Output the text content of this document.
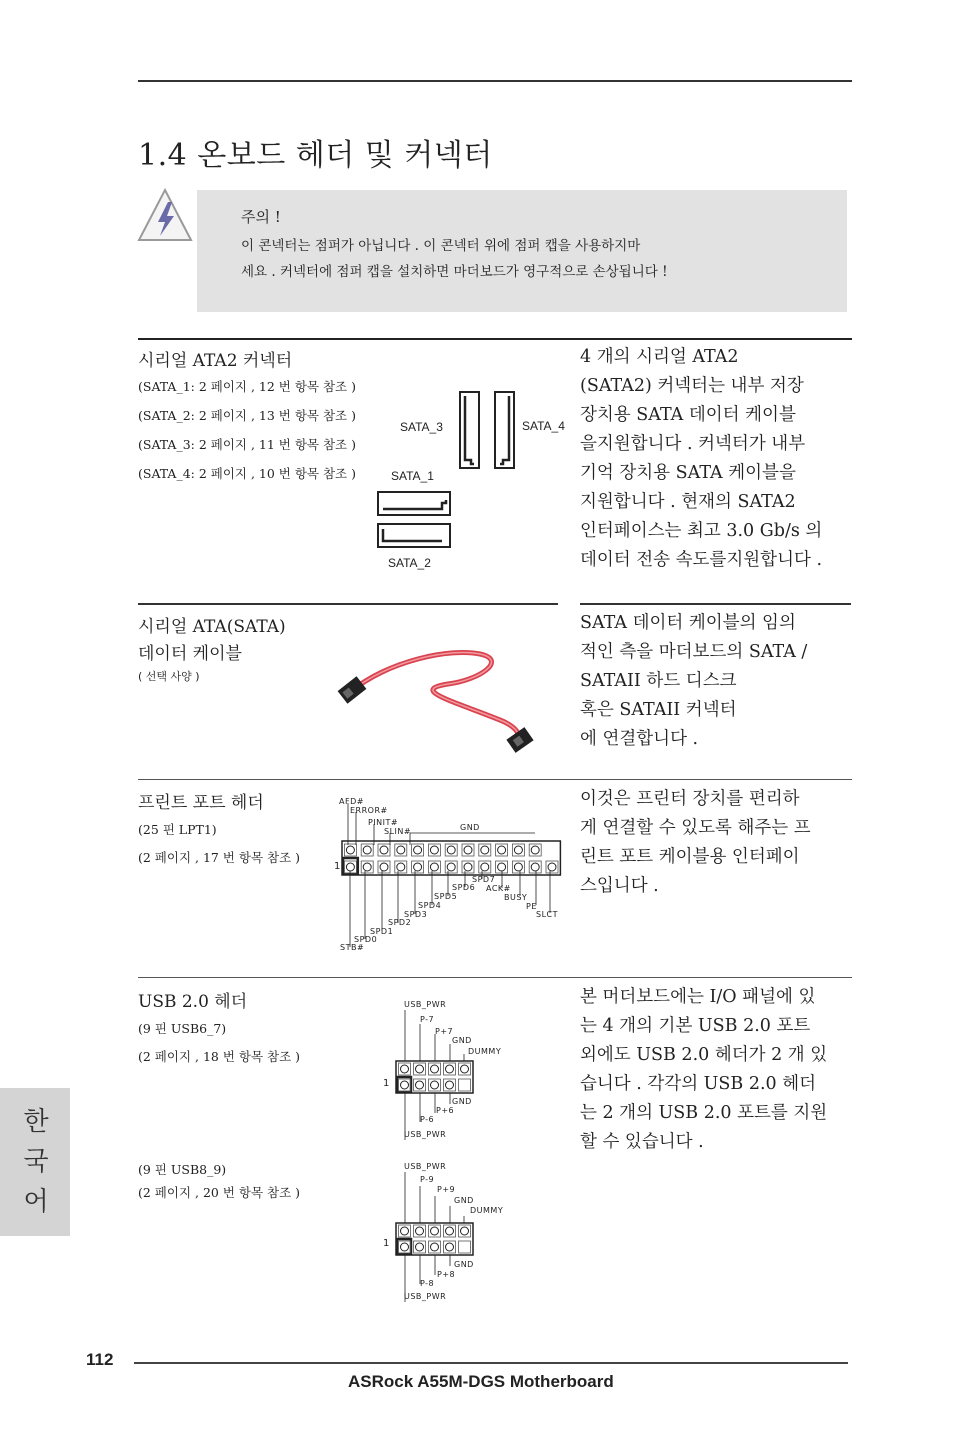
1.4 온보드 헤더 및 커넥터
주의 !
이 콘넥터는 점퍼가 아닙니다 . 이 콘넥터 위에 점퍼 캡을 사용하지마
세요 . 커넥터에 점퍼 캡을 설치하면 마더보드가 영구적으로 손상됩니다 !
시리얼 ATA2 커넥터
(SATA_1: 2 페이지 , 12 번 항목 참조 )
(SATA_2: 2 페이지 , 13 번 항목 참조 )
(SATA_3: 2 페이지 , 11 번 항목 참조 )
(SATA_4: 2 페이지 , 10 번 항목 참조 )
SATA_3	SATA_4
SATA_1
SATA_2
4 개의 시리얼 ATA2
(SATA2) 커넥터는 내부 저장
장치용 SATA 데이터 케이블
을지원합니다 . 커넥터가 내부
기억 장치용 SATA 케이블을
지원합니다 . 현재의 SATA2
인터페이스는 최고 3.0 Gb/s 의
데이터 전송 속도를지원합니다 .
시리얼 ATA(SATA)
데이터 케이블
( 선택 사양 )
SATA 데이터 케이블의 임의
적인 측을 마더보드의 SATA /
SATAII 하드 디스크
혹은 SATAII 커넥터
에 연결합니다 .
프린트 포트 헤더
(25 핀 LPT1)
(2 페이지 , 17 번 항목 참조 )
AFD#
ERROR#
PINIT#
SLIN#	GND
1
SPD7
SPD6 ACK#
SPD5	BUSY
SPD4	PE
SPD3	SLCT
SPD2
SPD1
SPD0
STB#
이것은 프린터 장치를 편리하
게 연결할 수 있도록 해주는 프
린트 포트 케이블용 인터페이
스입니다 .
USB 2.0 헤더
(9 핀 USB6_7)
(2 페이지 , 18 번 항목 참조 )
USB_PWR
P-7
P+7
GND
DUMMY
1
GND
P+6
P-6
USB_PWR
(9 핀 USB8_9)
(2 페이지 , 20 번 항목 참조 )
USB_PWR
P-9
P+9
GND
DUMMY
1
GND
P+8
P-8
USB_PWR
본 머더보드에는 I/O 패널에 있
는 4 개의 기본 USB 2.0 포트
외에도 USB 2.0 헤더가 2 개 있
습니다 . 각각의 USB 2.0 헤더
는 2 개의 USB 2.0 포트를 지원
할 수 있습니다 .
한
국
어
112
ASRock A55M-DGS Motherboard
